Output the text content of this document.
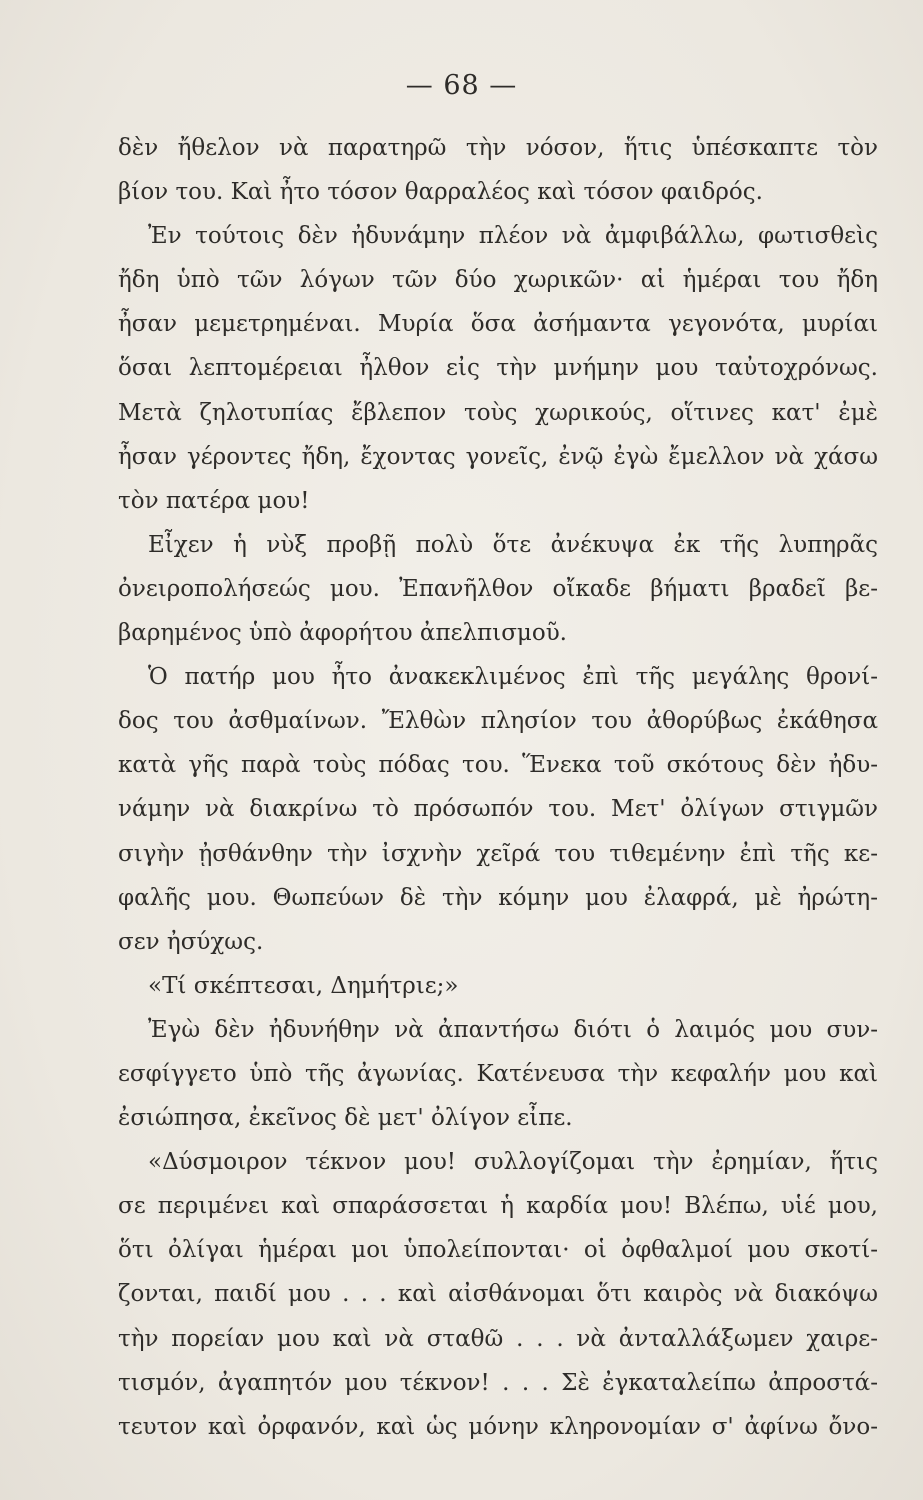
— 68 —
δὲν ἤθελον νὰ παρατηρῶ τὴν νόσον, ἥτις ὑπέσκαπτε τὸν
βίον του. Καὶ ἦτο τόσον θαρραλέος καὶ τόσον φαιδρός.
Ἐν τούτοις δὲν ἠδυνάμην πλέον νὰ ἀμφιβάλλω, φωτισθεὶς
ἤδη ὑπὸ τῶν λόγων τῶν δύο χωρικῶν· αἱ ἡμέραι του ἤδη
ἦσαν μεμετρημέναι. Μυρία ὅσα ἀσήμαντα γεγονότα, μυρίαι
ὅσαι λεπτομέρειαι ἦλθον εἰς τὴν μνήμην μου ταὐτοχρόνως.
Μετὰ ζηλοτυπίας ἔβλεπον τοὺς χωρικούς, οἵτινες κατ' ἐμὲ
ἦσαν γέροντες ἤδη, ἔχοντας γονεῖς, ἐνῷ ἐγὼ ἔμελλον νὰ χάσω
τὸν πατέρα μου!
Εἶχεν ἡ νὺξ προβῇ πολὺ ὅτε ἀνέκυψα ἐκ τῆς λυπηρᾶς
ὀνειροπολήσεώς μου. Ἐπανῆλθον οἴκαδε βήματι βραδεῖ βε-
βαρημένος ὑπὸ ἀφορήτου ἀπελπισμοῦ.
Ὁ πατήρ μου ἦτο ἀνακεκλιμένος ἐπὶ τῆς μεγάλης θρονί-
δος του ἀσθμαίνων. Ἔλθὼν πλησίον του ἀθορύβως ἐκάθησα
κατὰ γῆς παρὰ τοὺς πόδας του. Ἕνεκα τοῦ σκότους δὲν ἠδυ-
νάμην νὰ διακρίνω τὸ πρόσωπόν του. Μετ' ὀλίγων στιγμῶν
σιγὴν ᾐσθάνθην τὴν ἰσχνὴν χεῖρά του τιθεμένην ἐπὶ τῆς κε-
φαλῆς μου. Θωπεύων δὲ τὴν κόμην μου ἐλαφρά, μὲ ἠρώτη-
σεν ἠσύχως.
«Τί σκέπτεσαι, Δημήτριε;»
Ἐγὼ δὲν ἠδυνήθην νὰ ἀπαντήσω διότι ὁ λαιμός μου συν-
εσφίγγετο ὑπὸ τῆς ἀγωνίας. Κατένευσα τὴν κεφαλήν μου καὶ
ἐσιώπησα, ἐκεῖνος δὲ μετ' ὀλίγον εἶπε.
«Δύσμοιρον τέκνον μου! συλλογίζομαι τὴν ἐρημίαν, ἥτις
σε περιμένει καὶ σπαράσσεται ἡ καρδία μου! Βλέπω, υἱέ μου,
ὅτι ὀλίγαι ἡμέραι μοι ὑπολείπονται· οἱ ὀφθαλμοί μου σκοτί-
ζονται, παιδί μου . . . καὶ αἰσθάνομαι ὅτι καιρὸς νὰ διακόψω
τὴν πορείαν μου καὶ νὰ σταθῶ . . . νὰ ἀνταλλάξωμεν χαιρε-
τισμόν, ἀγαπητόν μου τέκνον! . . . Σὲ ἐγκαταλείπω ἀπροστά-
τευτον καὶ ὀρφανόν, καὶ ὡς μόνην κληρονομίαν σ' ἀφίνω ὄνο-
